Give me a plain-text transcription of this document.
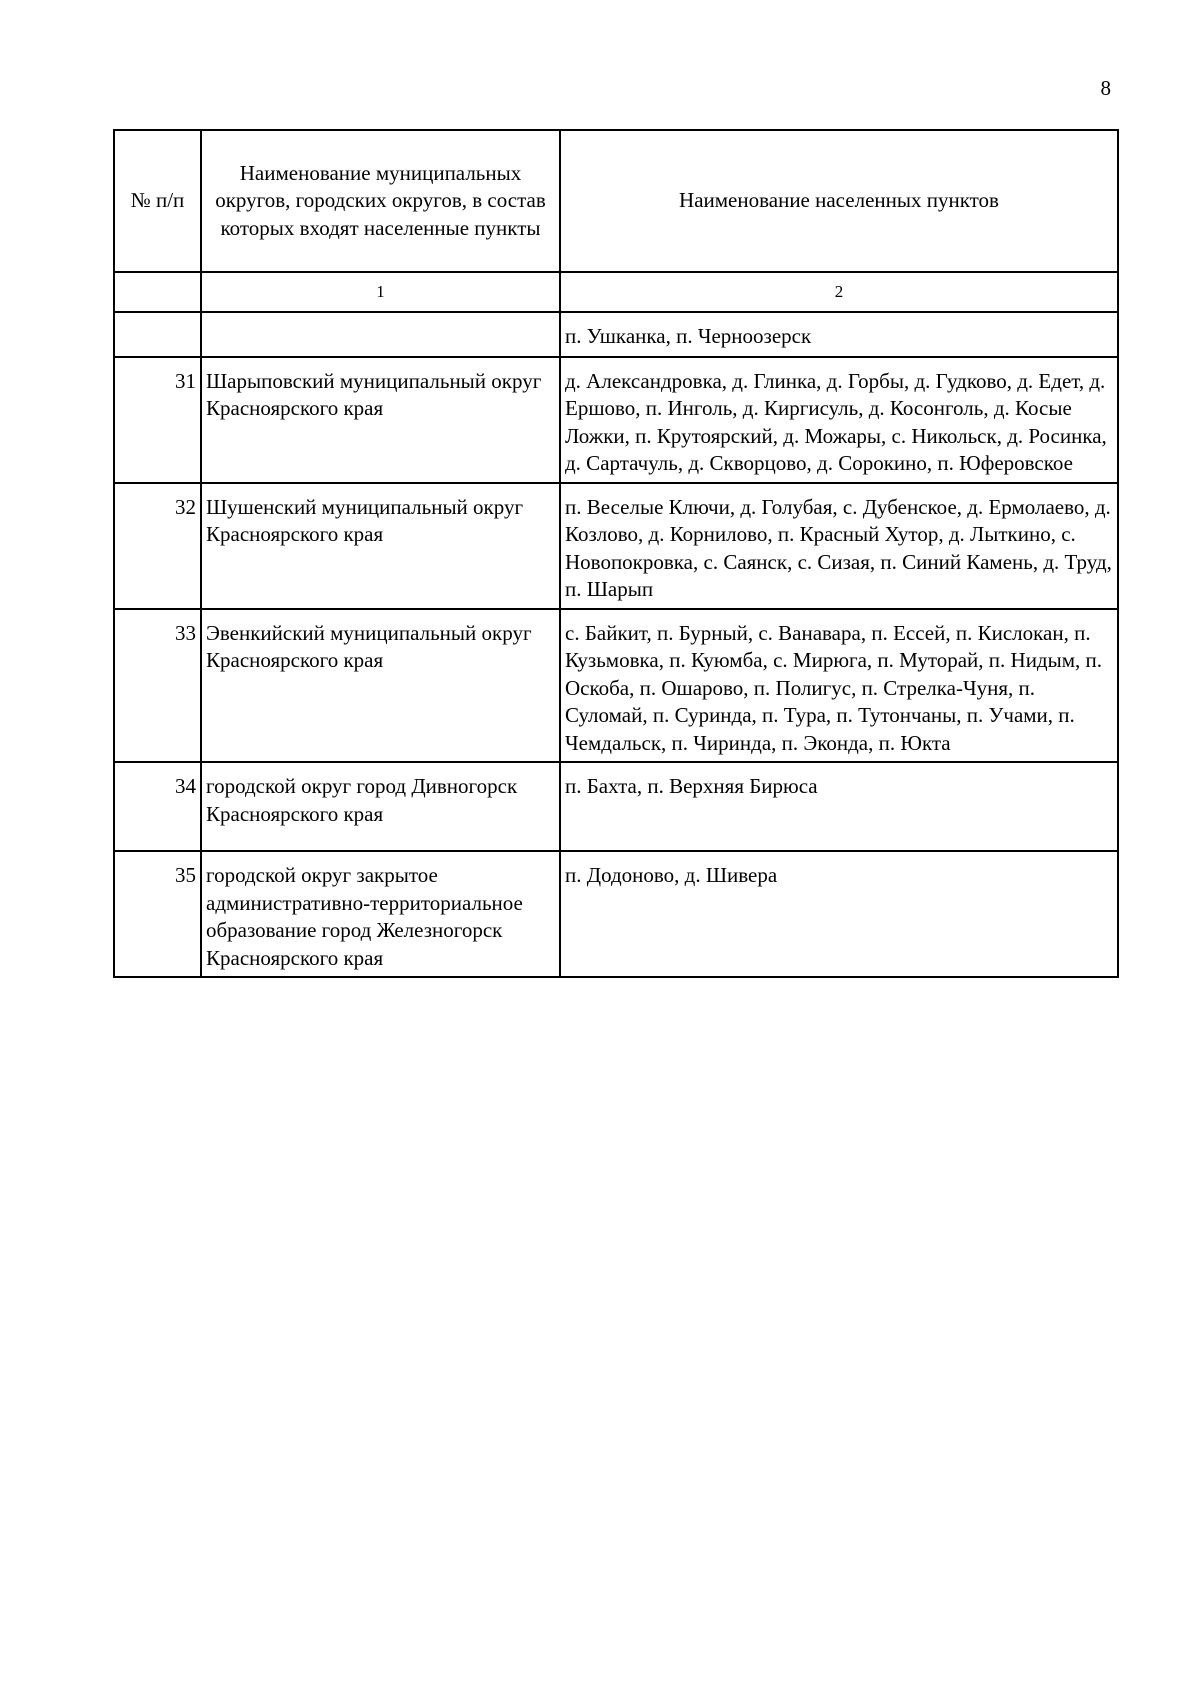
8
№ п/п	Наименование муниципальных округов, городских округов, в состав которых входят населенные пункты	Наименование населенных пунктов
	1	2
		п. Ушканка, п. Черноозерск
31	Шарыповский муниципальный округ Красноярского края	д. Александровка, д. Глинка, д. Горбы, д. Гудково, д. Едет, д. Ершово, п. Инголь, д. Киргисуль, д. Косонголь, д. Косые Ложки, п. Крутоярский, д. Можары, с. Никольск, д. Росинка, д. Сартачуль, д. Скворцово, д. Сорокино, п. Юферовское
32	Шушенский муниципальный округ Красноярского края	п. Веселые Ключи, д. Голубая, с. Дубенское, д. Ермолаево, д. Козлово, д. Корнилово, п. Красный Хутор, д. Лыткино, с. Новопокровка, с. Саянск, с. Сизая, п. Синий Камень, д. Труд, п. Шарып
33	Эвенкийский муниципальный округ Красноярского края	с. Байкит, п. Бурный, с. Ванавара, п. Ессей, п. Кислокан, п. Кузьмовка, п. Куюмба, с. Мирюга, п. Муторай, п. Нидым, п. Оскоба, п. Ошарово, п. Полигус, п. Стрелка-Чуня, п. Суломай, п. Суринда, п. Тура, п. Тутончаны, п. Учами, п. Чемдальск, п. Чиринда, п. Эконда, п. Юкта
34	городской округ город Дивногорск Красноярского края	п. Бахта, п. Верхняя Бирюса
35	городской округ закрытое административно-территориальное образование город Железногорск Красноярского края	п. Додоново, д. Шивера
